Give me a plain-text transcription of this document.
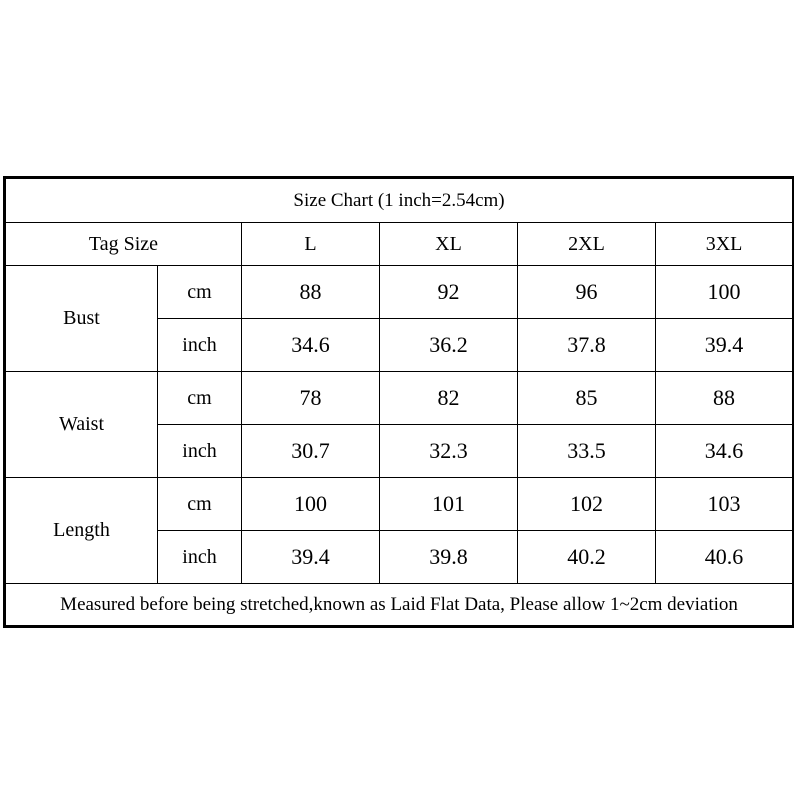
Size Chart (1 inch=2.54cm)					
Tag Size		L	XL	2XL	3XL
Bust	cm	88	92	96	100
	inch	34.6	36.2	37.8	39.4
Waist	cm	78	82	85	88
	inch	30.7	32.3	33.5	34.6
Length	cm	100	101	102	103
	inch	39.4	39.8	40.2	40.6
Measured before being stretched,known as Laid Flat Data, Please allow 1~2cm deviation					
